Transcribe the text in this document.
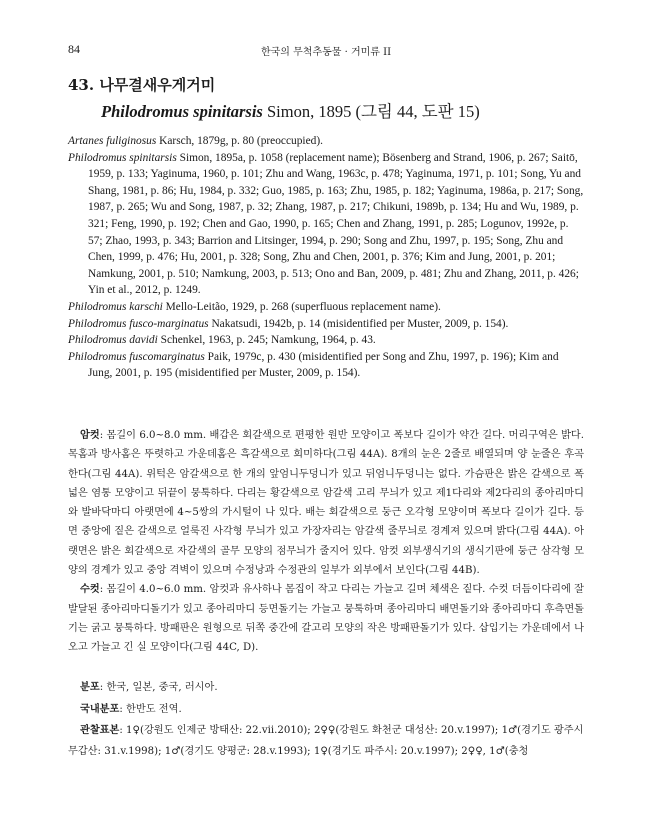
84	한국의 무척추동물 · 거미류 II
43. 나무결새우게거미
Philodromus spinitarsis Simon, 1895 (그림 44, 도판 15)

Artanes fuliginosus Karsch, 1879g, p. 80 (preoccupied).

Philodromus spinitarsis Simon, 1895a, p. 1058 (replacement name); Bösenberg and Strand, 1906, p. 267; Saitō, 1959, p. 133; Yaginuma, 1960, p. 101; Zhu and Wang, 1963c, p. 478; Yaginuma, 1971, p. 101; Song, Yu and Shang, 1981, p. 86; Hu, 1984, p. 332; Guo, 1985, p. 163; Zhu, 1985, p. 182; Yaginuma, 1986a, p. 217; Song, 1987, p. 265; Wu and Song, 1987, p. 32; Zhang, 1987, p. 217; Chikuni, 1989b, p. 134; Hu and Wu, 1989, p. 321; Feng, 1990, p. 192; Chen and Gao, 1990, p. 165; Chen and Zhang, 1991, p. 285; Logunov, 1992e, p. 57; Zhao, 1993, p. 343; Barrion and Litsinger, 1994, p. 290; Song and Zhu, 1997, p. 195; Song, Zhu and Chen, 1999, p. 476; Hu, 2001, p. 328; Song, Zhu and Chen, 2001, p. 376; Kim and Jung, 2001, p. 201; Namkung, 2001, p. 510; Namkung, 2003, p. 513; Ono and Ban, 2009, p. 481; Zhu and Zhang, 2011, p. 426; Yin et al., 2012, p. 1249.

Philodromus karschi Mello-Leitão, 1929, p. 268 (superfluous replacement name).

Philodromus fusco-marginatus Nakatsudi, 1942b, p. 14 (misidentified per Muster, 2009, p. 154).

Philodromus davidi Schenkel, 1963, p. 245; Namkung, 1964, p. 43.

Philodromus fuscomarginatus Paik, 1979c, p. 430 (misidentified per Song and Zhu, 1997, p. 196); Kim and Jung, 2001, p. 195 (misidentified per Muster, 2009, p. 154).

암컷: 몸길이 6.0~8.0 mm. 배갑은 회갈색으로 편평한 원반 모양이고 폭보다 길이가 약간 길다. 머리구역은 밝다. 목홈과 방사홈은 뚜렷하고 가운데홈은 흑갈색으로 희미하다(그림 44A). 8개의 눈은 2줄로 배열되며 양 눈줄은 후곡한다(그림 44A). 위턱은 암갈색으로 한 개의 앞엄니두덩니가 있고 뒤엄니두덩니는 없다. 가슴판은 밝은 갈색으로 폭넓은 염통 모양이고 뒤끝이 뭉툭하다. 다리는 황갈색으로 암갈색 고리 무늬가 있고 제1다리와 제2다리의 종아리마디와 발바닥마디 아랫면에 4~5쌍의 가시털이 나 있다. 배는 회갈색으로 둥근 오각형 모양이며 폭보다 길이가 길다. 등면 중앙에 짙은 갈색으로 얼룩진 사각형 무늬가 있고 가장자리는 암갈색 줄무늬로 경계져 있으며 밝다(그림 44A). 아랫면은 밝은 회갈색으로 자갈색의 골무 모양의 점무늬가 줄지어 있다. 암컷 외부생식기의 생식기판에 둥근 삼각형 모양의 경계가 있고 중앙 격벽이 있으며 수정낭과 수정관의 일부가 외부에서 보인다(그림 44B).

수컷: 몸길이 4.0~6.0 mm. 암컷과 유사하나 몸집이 작고 다리는 가늘고 길며 체색은 짙다. 수컷 더듬이다리에 잘 발달된 종아리마디돌기가 있고 종아리마디 등면돌기는 가늘고 뭉툭하며 종아리마디 배면돌기와 종아리마디 후측면돌기는 굵고 뭉툭하다. 방패판은 원형으로 뒤쪽 중간에 갈고리 모양의 작은 방패판돌기가 있다. 삽입기는 가운데에서 나오고 가늘고 긴 실 모양이다(그림 44C, D).

분포: 한국, 일본, 중국, 러시아.

국내분포: 한반도 전역.

관찰표본: 1♀(강원도 인제군 방태산: 22.vii.2010); 2♀♀(강원도 화천군 대성산: 20.v.1997); 1♂(경기도 광주시 무갑산: 31.v.1998); 1♂(경기도 양평군: 28.v.1993); 1♀(경기도 파주시: 20.v.1997); 2♀♀, 1♂(충청
